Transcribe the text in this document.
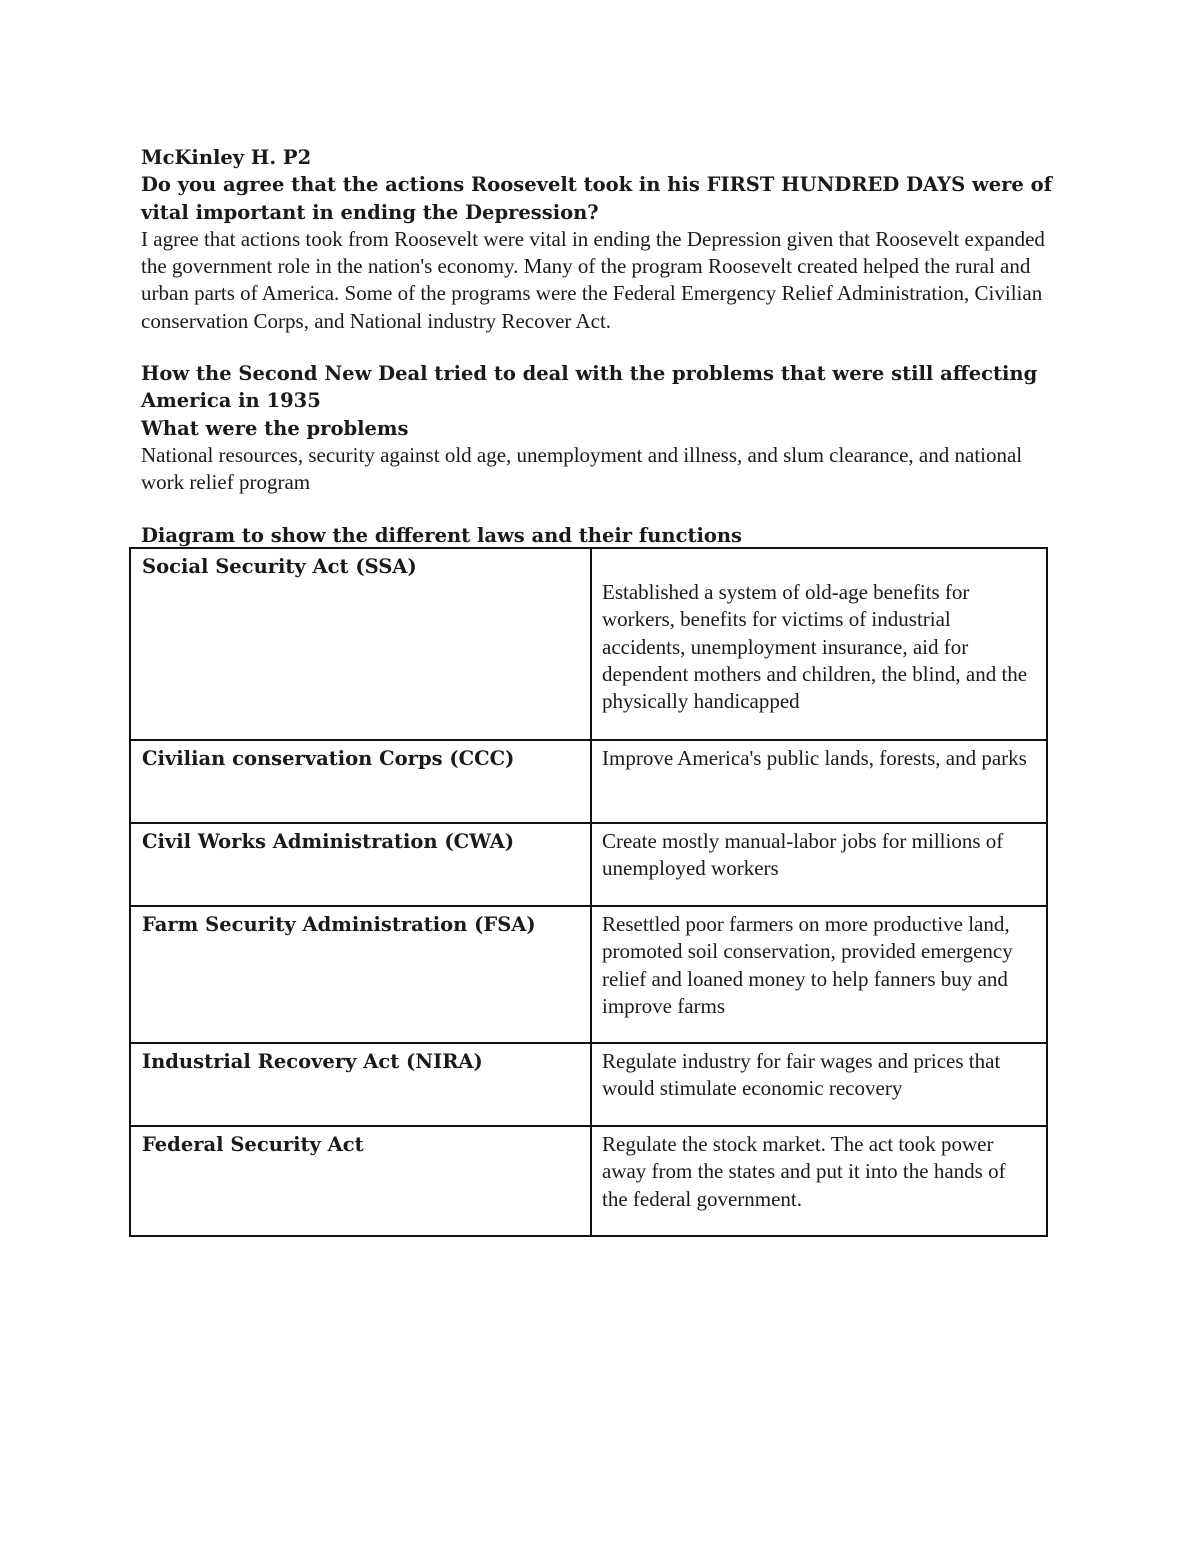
McKinley H. P2

Do you agree that the actions Roosevelt took in his FIRST HUNDRED DAYS were of vital important in ending the Depression?

I agree that actions took from Roosevelt were vital in ending the Depression given that Roosevelt expanded the government role in the nation's economy. Many of the program Roosevelt created helped the rural and urban parts of America. Some of the programs were the Federal Emergency Relief Administration, Civilian conservation Corps, and National industry Recover Act.

How the Second New Deal tried to deal with the problems that were still affecting America in 1935

What were the problems

National resources, security against old age, unemployment and illness, and slum clearance, and national work relief program

Diagram to show the different laws and their functions

Social Security Act (SSA)	Established a system of old-age benefits for workers, benefits for victims of industrial accidents, unemployment insurance, aid for dependent mothers and children, the blind, and the physically handicapped
Civilian conservation Corps (CCC)	Improve America's public lands, forests, and parks
Civil Works Administration (CWA)	Create mostly manual-labor jobs for millions of unemployed workers
Farm Security Administration (FSA)	Resettled poor farmers on more productive land, promoted soil conservation, provided emergency relief and loaned money to help fanners buy and improve farms
Industrial Recovery Act (NIRA)	Regulate industry for fair wages and prices that would stimulate economic recovery
Federal Security Act	Regulate the stock market. The act took power away from the states and put it into the hands of the federal government.
